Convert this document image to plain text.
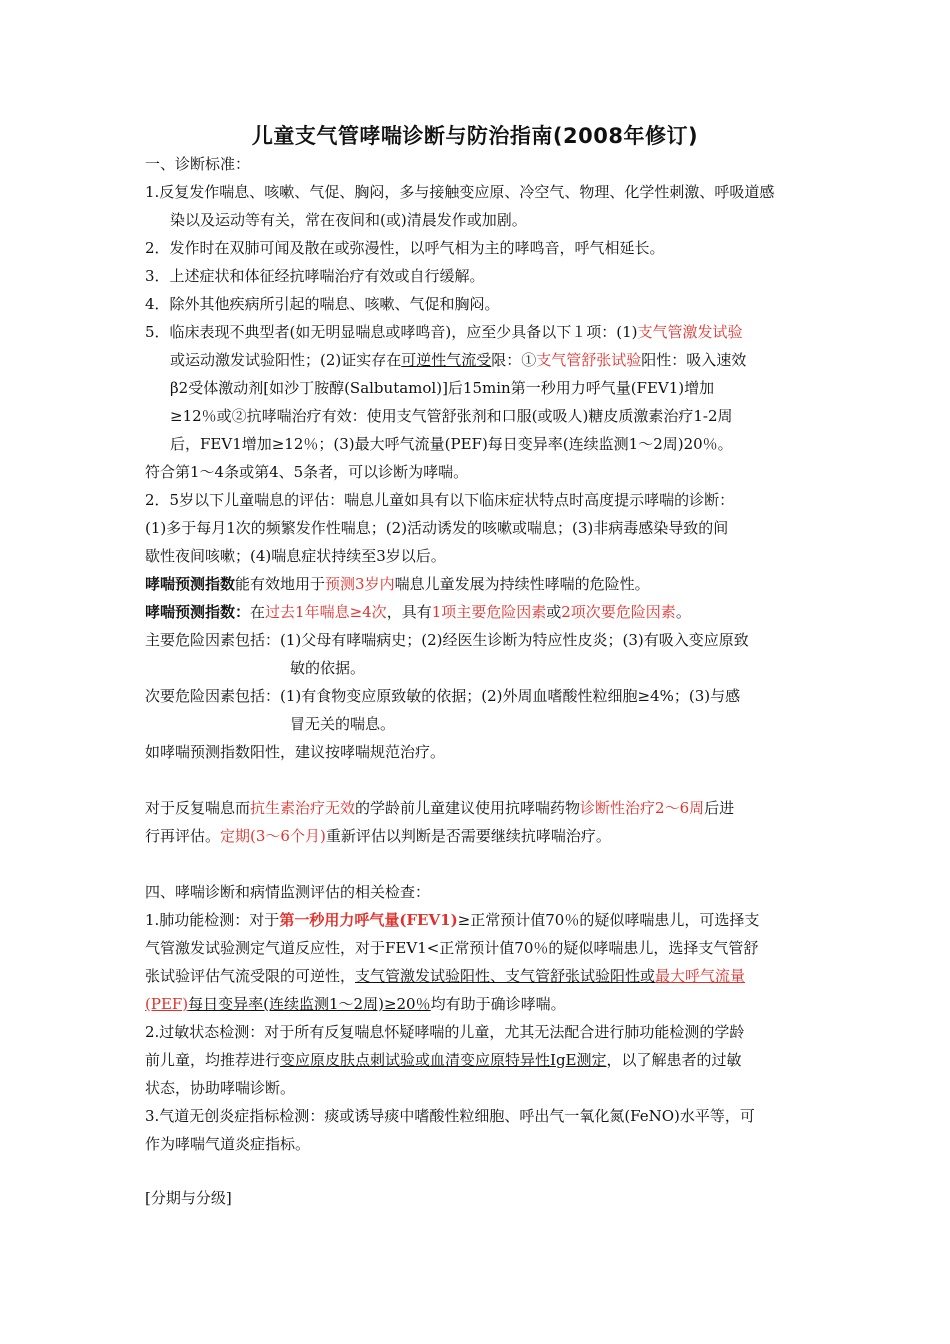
儿童支气管哮喘诊断与防治指南(2008年修订)
一、诊断标准：
1.反复发作喘息、咳嗽、气促、胸闷，多与接触变应原、冷空气、物理、化学性刺激、呼吸道感
染以及运动等有关，常在夜间和(或)清晨发作或加剧。
2．发作时在双肺可闻及散在或弥漫性，以呼气相为主的哮鸣音，呼气相延长。
3．上述症状和体征经抗哮喘治疗有效或自行缓解。
4．除外其他疾病所引起的喘息、咳嗽、气促和胸闷。
5．临床表现不典型者(如无明显喘息或哮鸣音)，应至少具备以下１项：(1)支气管激发试验
或运动激发试验阳性；(2)证实存在可逆性气流受限：①支气管舒张试验阳性：吸入速效
β2受体激动剂[如沙丁胺醇(Salbutamol)]后15min第一秒用力呼气量(FEV1)增加
≥12％或②抗哮喘治疗有效：使用支气管舒张剂和口服(或吸人)糖皮质激素治疗1-2周
后，FEV1增加≥12％；(3)最大呼气流量(PEF)每日变异率(连续监测1～2周)20％。
符合第1～4条或第4、5条者，可以诊断为哮喘。
2．5岁以下儿童喘息的评估：喘息儿童如具有以下临床症状特点时高度提示哮喘的诊断：
(1)多于每月1次的频繁发作性喘息；(2)活动诱发的咳嗽或喘息；(3)非病毒感染导致的间
歇性夜间咳嗽；(4)喘息症状持续至3岁以后。
哮喘预测指数能有效地用于预测3岁内喘息儿童发展为持续性哮喘的危险性。
哮喘预测指数：在过去1年喘息≥4次，具有1项主要危险因素或2项次要危险因素。
主要危险因素包括：(1)父母有哮喘病史；(2)经医生诊断为特应性皮炎；(3)有吸入变应原致
敏的依据。
次要危险因素包括：(1)有食物变应原致敏的依据；(2)外周血嗜酸性粒细胞≥4%；(3)与感
冒无关的喘息。
如哮喘预测指数阳性，建议按哮喘规范治疗。
对于反复喘息而抗生素治疗无效的学龄前儿童建议使用抗哮喘药物诊断性治疗2～6周后进
行再评估。定期(3～6个月)重新评估以判断是否需要继续抗哮喘治疗。
四、哮喘诊断和病情监测评估的相关检查：
1.肺功能检测：对于第一秒用力呼气量(FEV1)≥正常预计值70％的疑似哮喘患儿，可选择支
气管激发试验测定气道反应性，对于FEV1<正常预计值70％的疑似哮喘患儿，选择支气管舒
张试验评估气流受限的可逆性，支气管激发试验阳性、支气管舒张试验阳性或最大呼气流量
(PEF)每日变异率(连续监测1～2周)≥20％均有助于确诊哮喘。
2.过敏状态检测：对于所有反复喘息怀疑哮喘的儿童，尤其无法配合进行肺功能检测的学龄
前儿童，均推荐进行变应原皮肤点刺试验或血清变应原特异性IgE测定，以了解患者的过敏
状态，协助哮喘诊断。
3.气道无创炎症指标检测：痰或诱导痰中嗜酸性粒细胞、呼出气一氧化氮(FeNO)水平等，可
作为哮喘气道炎症指标。
[分期与分级]
